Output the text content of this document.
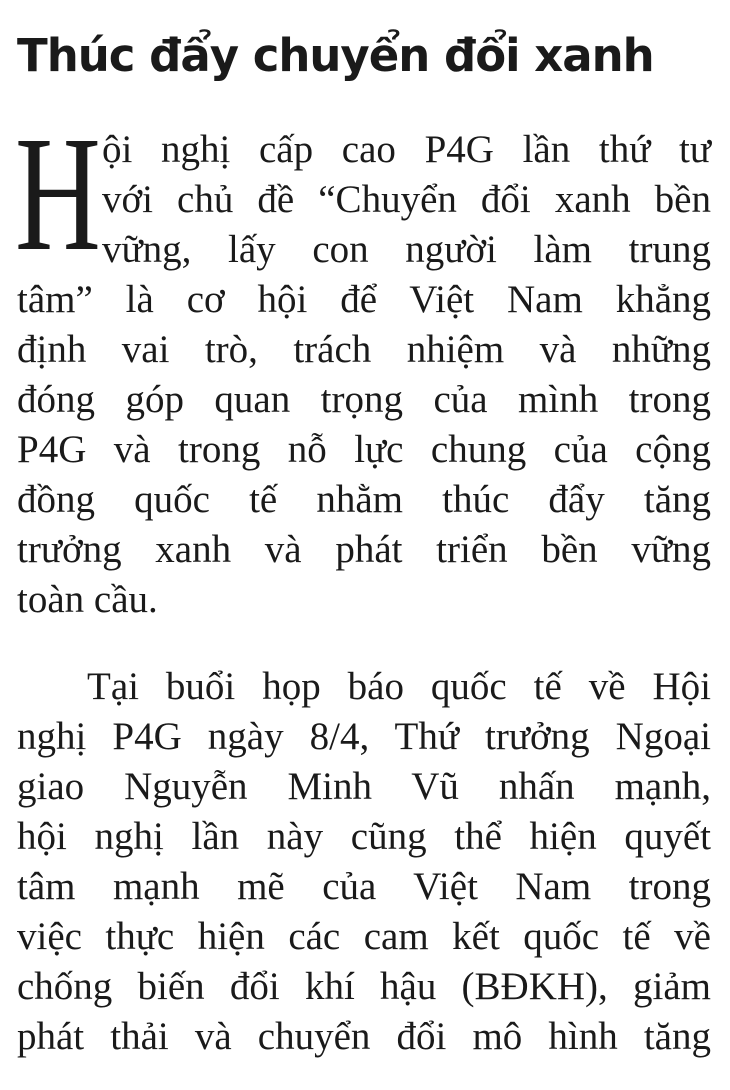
Thúc đẩy chuyển đổi xanh
H ội nghị cấp cao P4G lần thứ tư
với chủ đề “Chuyển đổi xanh bền
vững, lấy con người làm trung
tâm” là cơ hội để Việt Nam khẳng
định vai trò, trách nhiệm và những
đóng góp quan trọng của mình trong
P4G và trong nỗ lực chung của cộng
đồng quốc tế nhằm thúc đẩy tăng
trưởng xanh và phát triển bền vững
toàn cầu.
Tại buổi họp báo quốc tế về Hội
nghị P4G ngày 8/4, Thứ trưởng Ngoại
giao Nguyễn Minh Vũ nhấn mạnh,
hội nghị lần này cũng thể hiện quyết
tâm mạnh mẽ của Việt Nam trong
việc thực hiện các cam kết quốc tế về
chống biến đổi khí hậu (BĐKH), giảm
phát thải và chuyển đổi mô hình tăng
